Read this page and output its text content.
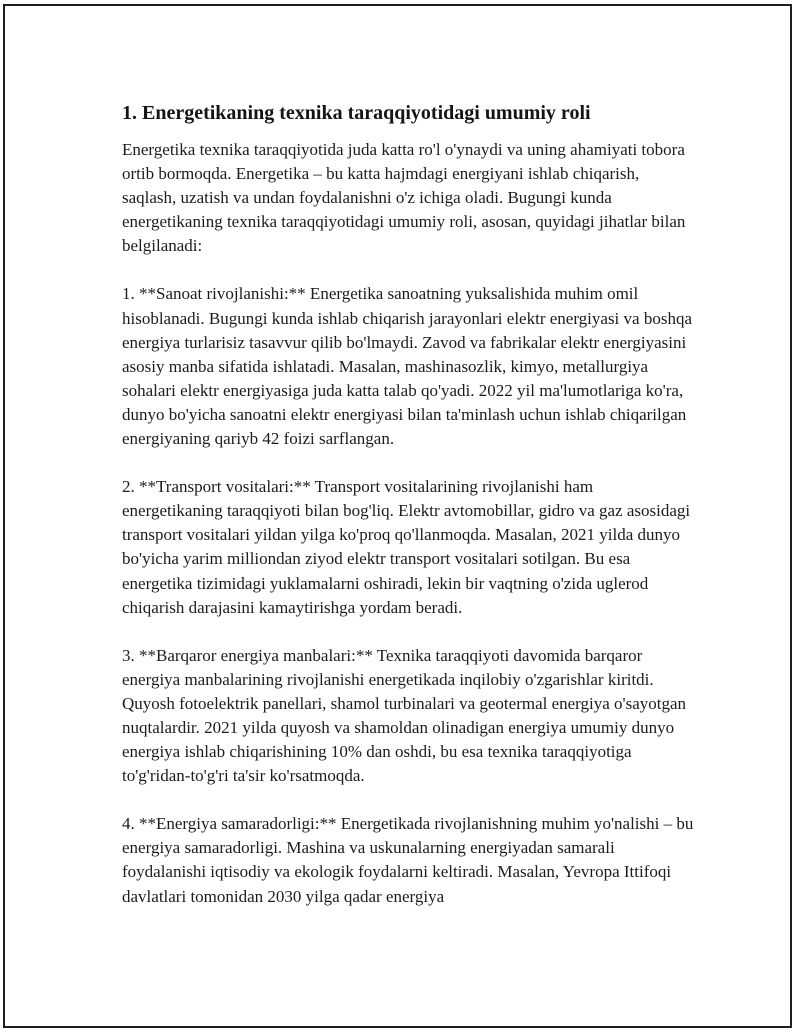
1. Energetikaning texnika taraqqiyotidagi umumiy roli

Energetika texnika taraqqiyotida juda katta ro'l o'ynaydi va uning ahamiyati tobora ortib bormoqda. Energetika – bu katta hajmdagi energiyani ishlab chiqarish, saqlash, uzatish va undan foydalanishni o'z ichiga oladi. Bugungi kunda energetikaning texnika taraqqiyotidagi umumiy roli, asosan, quyidagi jihatlar bilan belgilanadi:

1. **Sanoat rivojlanishi:** Energetika sanoatning yuksalishida muhim omil hisoblanadi. Bugungi kunda ishlab chiqarish jarayonlari elektr energiyasi va boshqa energiya turlarisiz tasavvur qilib bo'lmaydi. Zavod va fabrikalar elektr energiyasini asosiy manba sifatida ishlatadi. Masalan, mashinasozlik, kimyo, metallurgiya sohalari elektr energiyasiga juda katta talab qo'yadi. 2022 yil ma'lumotlariga ko'ra, dunyo bo'yicha sanoatni elektr energiyasi bilan ta'minlash uchun ishlab chiqarilgan energiyaning qariyb 42 foizi sarflangan.

2. **Transport vositalari:** Transport vositalarining rivojlanishi ham energetikaning taraqqiyoti bilan bog'liq. Elektr avtomobillar, gidro va gaz asosidagi transport vositalari yildan yilga ko'proq qo'llanmoqda. Masalan, 2021 yilda dunyo bo'yicha yarim milliondan ziyod elektr transport vositalari sotilgan. Bu esa energetika tizimidagi yuklamalarni oshiradi, lekin bir vaqtning o'zida uglerod chiqarish darajasini kamaytirishga yordam beradi.

3. **Barqaror energiya manbalari:** Texnika taraqqiyoti davomida barqaror energiya manbalarining rivojlanishi energetikada inqilobiy o'zgarishlar kiritdi. Quyosh fotoelektrik panellari, shamol turbinalari va geotermal energiya o'sayotgan nuqtalardir. 2021 yilda quyosh va shamoldan olinadigan energiya umumiy dunyo energiya ishlab chiqarishining 10% dan oshdi, bu esa texnika taraqqiyotiga to'g'ridan-to'g'ri ta'sir ko'rsatmoqda.

4. **Energiya samaradorligi:** Energetikada rivojlanishning muhim yo'nalishi – bu energiya samaradorligi. Mashina va uskunalarning energiyadan samarali foydalanishi iqtisodiy va ekologik foydalarni keltiradi. Masalan, Yevropa Ittifoqi davlatlari tomonidan 2030 yilga qadar energiya
